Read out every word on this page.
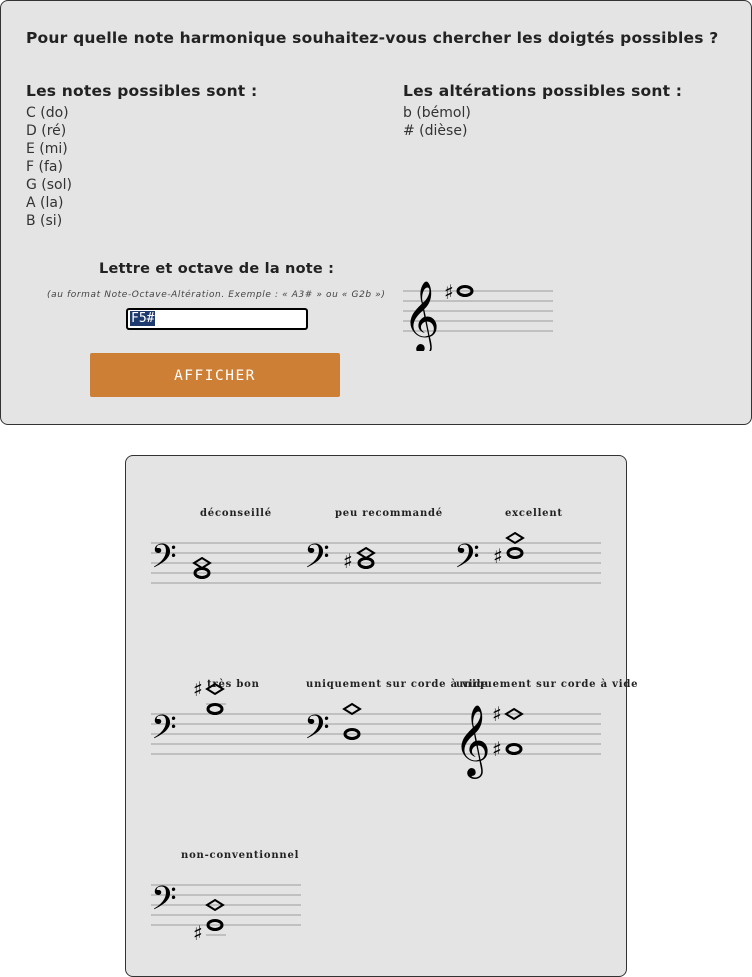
Pour quelle note harmonique souhaitez-vous chercher les doigtés possibles ?
Les notes possibles sont :
C (do)
D (ré)
E (mi)
F (fa)
G (sol)
A (la)
B (si)
Les altérations possibles sont :
b (bémol)
# (dièse)
Lettre et octave de la note :
(au format Note-Octave-Altération. Exemple : « A3# » ou « G2b »)
F5#
AFFICHER
𝄞 ♯
déconseillé	peu recommandé	excellent
très bon	uniquement sur corde à vide
uniquement sur corde à vide
non-conventionnel
𝄢	𝄢 ♯	𝄢 ♯
𝄢
♯
𝄢 𝄞 ♯
♯
𝄢
♯
